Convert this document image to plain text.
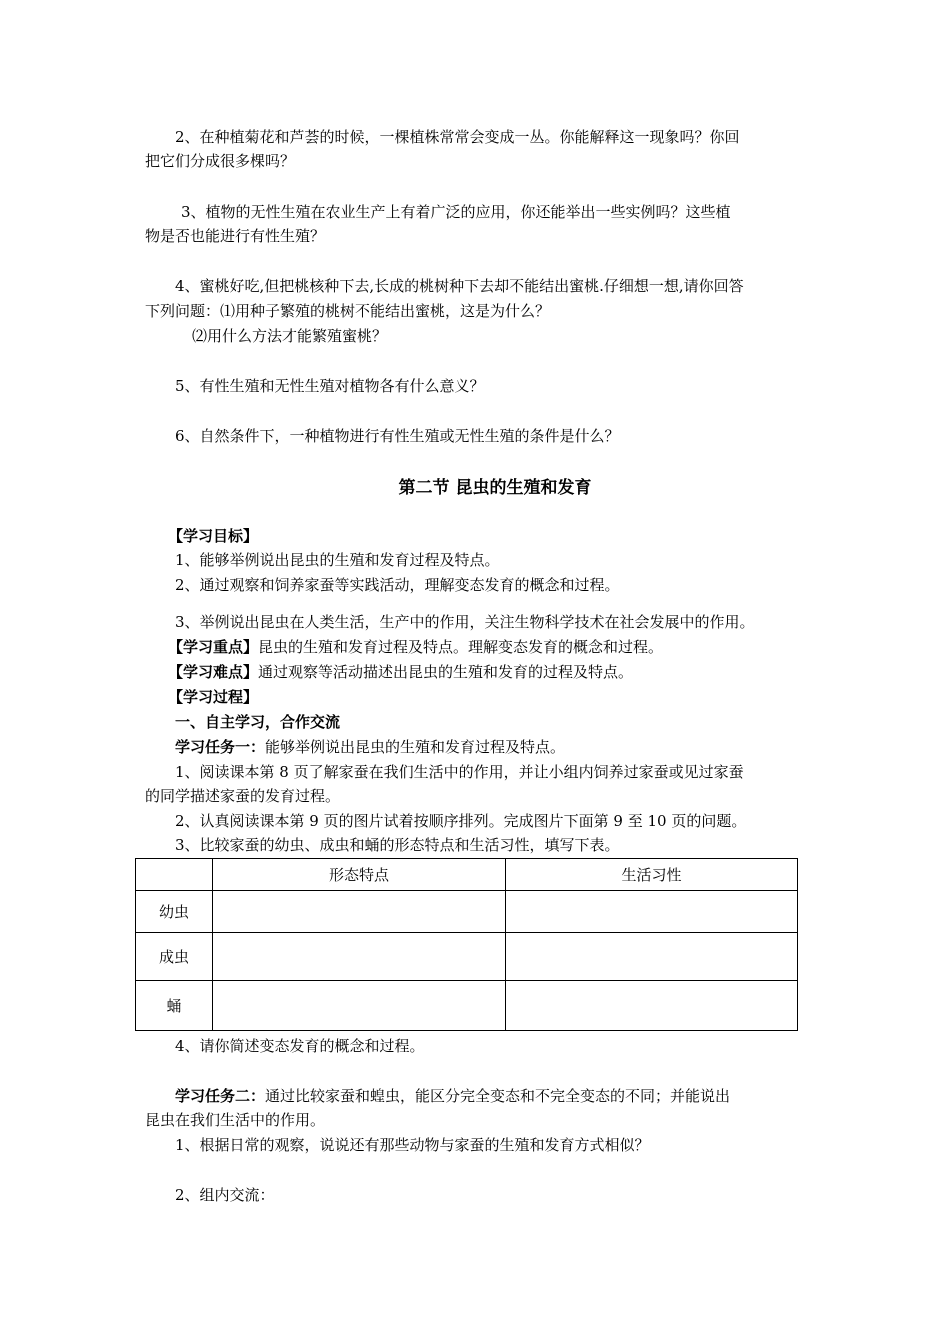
2、在种植菊花和芦荟的时候，一棵植株常常会变成一丛。你能解释这一现象吗？你回
把它们分成很多棵吗？
3、植物的无性生殖在农业生产上有着广泛的应用，你还能举出一些实例吗？这些植
物是否也能进行有性生殖？
4、蜜桃好吃,但把桃核种下去,长成的桃树种下去却不能结出蜜桃.仔细想一想,请你回答
下列问题：⑴用种子繁殖的桃树不能结出蜜桃，这是为什么？
⑵用什么方法才能繁殖蜜桃？
5、有性生殖和无性生殖对植物各有什么意义？
6、自然条件下，一种植物进行有性生殖或无性生殖的条件是什么？
第二节 昆虫的生殖和发育
【学习目标】
1、能够举例说出昆虫的生殖和发育过程及特点。
2、通过观察和饲养家蚕等实践活动，理解变态发育的概念和过程。
3、举例说出昆虫在人类生活，生产中的作用，关注生物科学技术在社会发展中的作用。
【学习重点】昆虫的生殖和发育过程及特点。理解变态发育的概念和过程。
【学习难点】通过观察等活动描述出昆虫的生殖和发育的过程及特点。
【学习过程】
一、自主学习，合作交流
学习任务一：能够举例说出昆虫的生殖和发育过程及特点。
1、阅读课本第 8 页了解家蚕在我们生活中的作用，并让小组内饲养过家蚕或见过家蚕
的同学描述家蚕的发育过程。
2、认真阅读课本第 9 页的图片试着按顺序排列。完成图片下面第 9 至 10 页的问题。
3、比较家蚕的幼虫、成虫和蛹的形态特点和生活习性，填写下表。
	形态特点	生活习性
幼虫		
成虫		
蛹		
4、请你简述变态发育的概念和过程。
学习任务二：通过比较家蚕和蝗虫，能区分完全变态和不完全变态的不同；并能说出
昆虫在我们生活中的作用。
1、根据日常的观察，说说还有那些动物与家蚕的生殖和发育方式相似？
2、组内交流：
